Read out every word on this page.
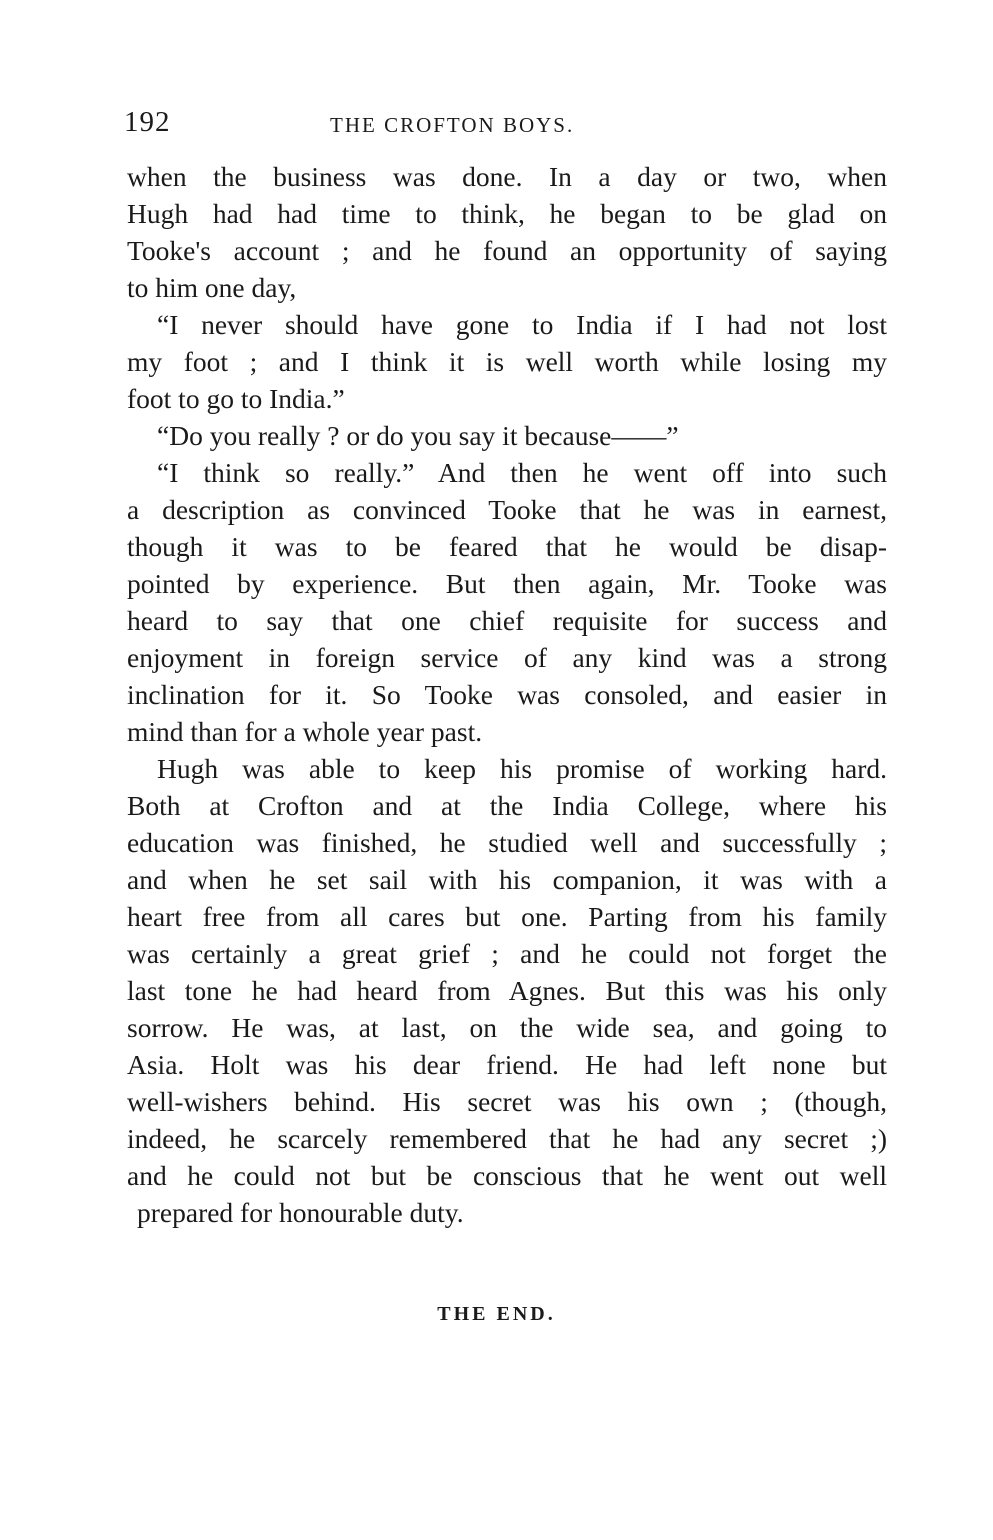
192	THE CROFTON BOYS.
when the business was done. In a day or two, when
Hugh had had time to think, he began to be glad on
Tooke's account ; and he found an opportunity of saying
to him one day,
“I never should have gone to India if I had not lost
my foot ; and I think it is well worth while losing my
foot to go to India.”
“Do you really ? or do you say it because——”
“I think so really.” And then he went off into such
a description as convinced Tooke that he was in earnest,
though it was to be feared that he would be disap-
pointed by experience. But then again, Mr. Tooke was
heard to say that one chief requisite for success and
enjoyment in foreign service of any kind was a strong
inclination for it. So Tooke was consoled, and easier in
mind than for a whole year past.
Hugh was able to keep his promise of working hard.
Both at Crofton and at the India College, where his
education was finished, he studied well and successfully ;
and when he set sail with his companion, it was with a
heart free from all cares but one. Parting from his family
was certainly a great grief ; and he could not forget the
last tone he had heard from Agnes. But this was his only
sorrow. He was, at last, on the wide sea, and going to
Asia. Holt was his dear friend. He had left none but
well-wishers behind. His secret was his own ; (though,
indeed, he scarcely remembered that he had any secret ;)
and he could not but be conscious that he went out well
prepared for honourable duty.
THE END.
